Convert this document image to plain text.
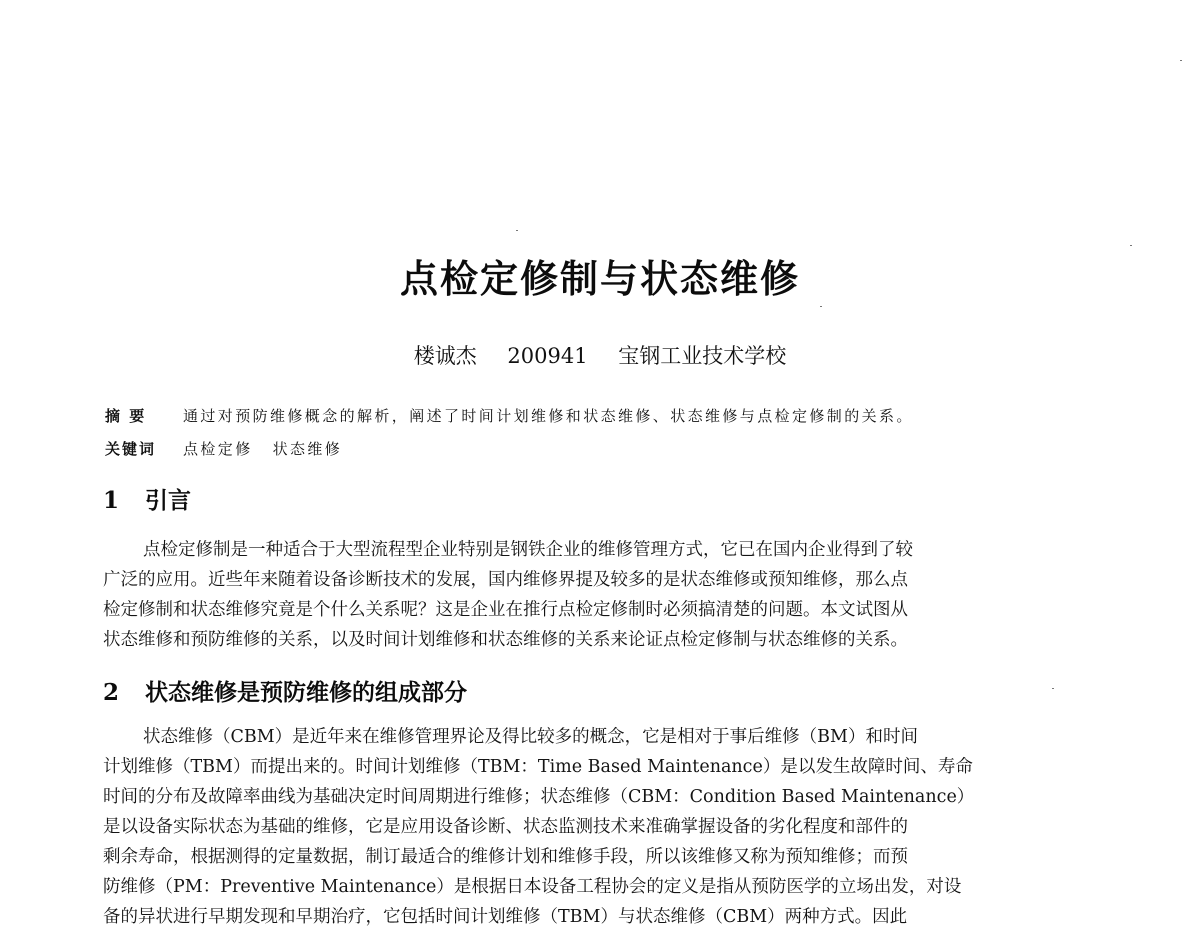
点检定修制与状态维修
楼诚杰 200941 宝钢工业技术学校
摘 要 通过对预防维修概念的解析，阐述了时间计划维修和状态维修、状态维修与点检定修制的关系。
关键词 点检定修 状态维修
1 引言
点检定修制是一种适合于大型流程型企业特别是钢铁企业的维修管理方式，它已在国内企业得到了较
广泛的应用。近些年来随着设备诊断技术的发展，国内维修界提及较多的是状态维修或预知维修，那么点
检定修制和状态维修究竟是个什么关系呢？这是企业在推行点检定修制时必须搞清楚的问题。本文试图从
状态维修和预防维修的关系，以及时间计划维修和状态维修的关系来论证点检定修制与状态维修的关系。
2 状态维修是预防维修的组成部分
状态维修（CBM）是近年来在维修管理界论及得比较多的概念，它是相对于事后维修（BM）和时间
计划维修（TBM）而提出来的。时间计划维修（TBM：Time Based Maintenance）是以发生故障时间、寿命
时间的分布及故障率曲线为基础决定时间周期进行维修；状态维修（CBM：Condition Based Maintenance）
是以设备实际状态为基础的维修，它是应用设备诊断、状态监测技术来准确掌握设备的劣化程度和部件的
剩余寿命，根据测得的定量数据，制订最适合的维修计划和维修手段，所以该维修又称为预知维修；而预
防维修（PM：Preventive Maintenance）是根据日本设备工程协会的定义是指从预防医学的立场出发，对设
备的异状进行早期发现和早期治疗，它包括时间计划维修（TBM）与状态维修（CBM）两种方式。因此
